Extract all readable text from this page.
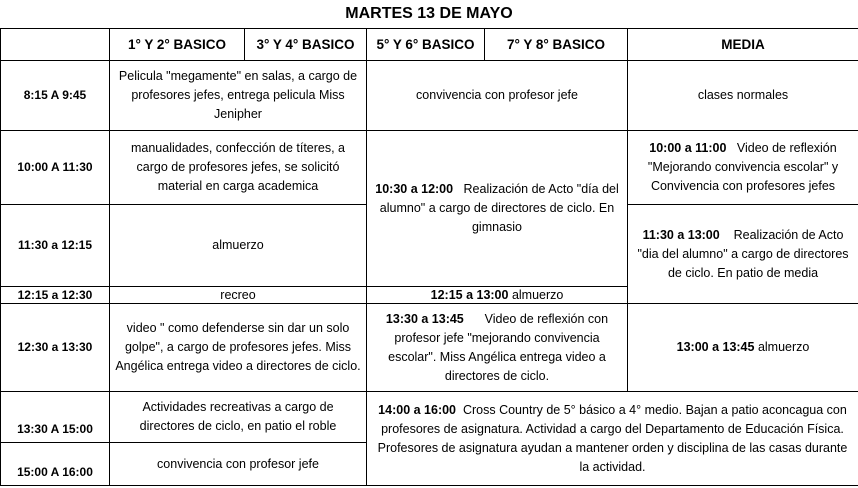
MARTES 13 DE MAYO
	1° Y 2° BASICO	3° Y 4° BASICO	5° Y 6° BASICO	7° Y 8° BASICO	MEDIA
8:15 A 9:45	Pelicula "megamente" en salas, a cargo de profesores jefes, entrega pelicula Miss Jenipher		convivencia con profesor jefe		clases normales
10:00 A 11:30	manualidades, confección de títeres, a cargo de profesores jefes, se solicitó material en carga academica		10:30 a 12:00 Realización de Acto "día del alumno" a cargo de directores de ciclo. En gimnasio		10:00 a 11:00 Video de reflexión "Mejorando convivencia escolar" y Convivencia con profesores jefes
11:30 a 12:15	almuerzo				11:30 a 13:00 Realización de Acto "dia del alumno" a cargo de directores de ciclo. En patio de media
12:15 a 12:30	recreo		12:15 a 13:00 almuerzo		
12:30 a 13:30	video " como defenderse sin dar un solo golpe", a cargo de profesores jefes. Miss Angélica entrega video a directores de ciclo.		13:30 a 13:45 Video de reflexión con profesor jefe "mejorando convivencia escolar". Miss Angélica entrega video a directores de ciclo.		13:00 a 13:45 almuerzo
13:30 A 15:00	Actividades recreativas a cargo de directores de ciclo, en patio el roble		14:00 a 16:00 Cross Country de 5° básico a 4° medio. Bajan a patio aconcagua con profesores de asignatura. Actividad a cargo del Departamento de Educación Física. Profesores de asignatura ayudan a mantener orden y disciplina de las casas durante la actividad.		
15:00 A 16:00	convivencia con profesor jefe				
